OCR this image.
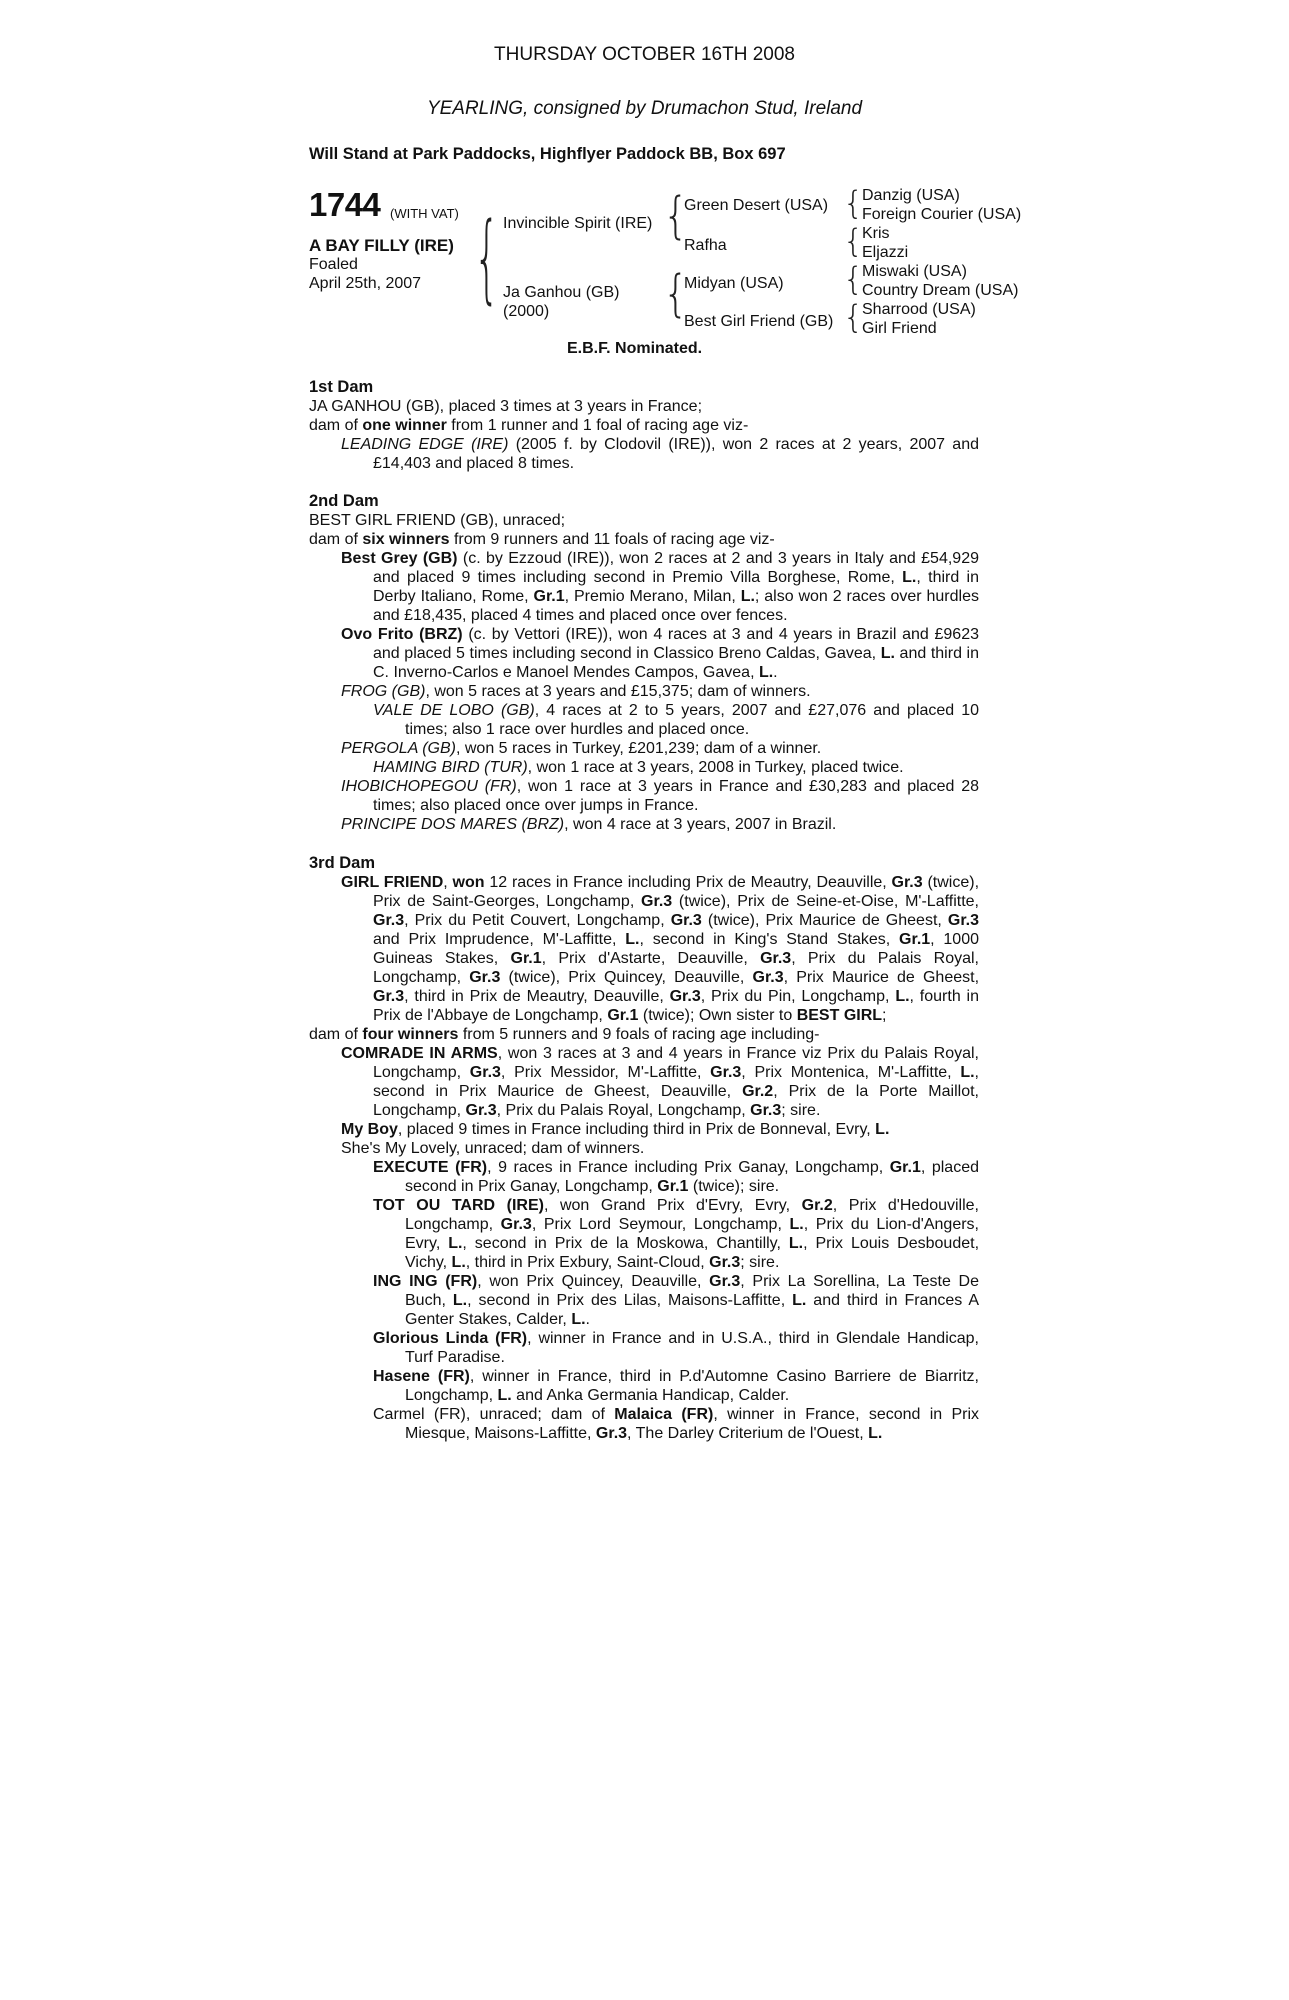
THURSDAY OCTOBER 16TH 2008
YEARLING, consigned by Drumachon Stud, Ireland
Will Stand at Park Paddocks, Highflyer Paddock BB, Box 697
1744 (WITH VAT)
A BAY FILLY (IRE)
Foaled
April 25th, 2007 { Invincible Spirit (IRE)
Ja Ganhou (GB)
(2000)
{
{
Green Desert (USA)
Rafha
Midyan (USA)
Best Girl Friend (GB)
{
{
{
{
Danzig (USA)
Foreign Courier (USA)
Kris
Eljazzi
Miswaki (USA)
Country Dream (USA)
Sharrood (USA)
Girl Friend
E.B.F. Nominated.

1st Dam

JA GANHOU (GB), placed 3 times at 3 years in France;

dam of one winner from 1 runner and 1 foal of racing age viz-

LEADING EDGE (IRE) (2005 f. by Clodovil (IRE)), won 2 races at 2 years, 2007 and £14,403 and placed 8 times.

2nd Dam

BEST GIRL FRIEND (GB), unraced;

dam of six winners from 9 runners and 11 foals of racing age viz-

Best Grey (GB) (c. by Ezzoud (IRE)), won 2 races at 2 and 3 years in Italy and £54,929 and placed 9 times including second in Premio Villa Borghese, Rome, L., third in Derby Italiano, Rome, Gr.1, Premio Merano, Milan, L.; also won 2 races over hurdles and £18,435, placed 4 times and placed once over fences.

Ovo Frito (BRZ) (c. by Vettori (IRE)), won 4 races at 3 and 4 years in Brazil and £9623 and placed 5 times including second in Classico Breno Caldas, Gavea, L. and third in C. Inverno-Carlos e Manoel Mendes Campos, Gavea, L..

FROG (GB), won 5 races at 3 years and £15,375; dam of winners.

VALE DE LOBO (GB), 4 races at 2 to 5 years, 2007 and £27,076 and placed 10 times; also 1 race over hurdles and placed once.

PERGOLA (GB), won 5 races in Turkey, £201,239; dam of a winner.

HAMING BIRD (TUR), won 1 race at 3 years, 2008 in Turkey, placed twice.

IHOBICHOPEGOU (FR), won 1 race at 3 years in France and £30,283 and placed 28 times; also placed once over jumps in France.

PRINCIPE DOS MARES (BRZ), won 4 race at 3 years, 2007 in Brazil.

3rd Dam

GIRL FRIEND, won 12 races in France including Prix de Meautry, Deauville, Gr.3 (twice), Prix de Saint-Georges, Longchamp, Gr.3 (twice), Prix de Seine-et-Oise, M'-Laffitte, Gr.3, Prix du Petit Couvert, Longchamp, Gr.3 (twice), Prix Maurice de Gheest, Gr.3 and Prix Imprudence, M'-Laffitte, L., second in King's Stand Stakes, Gr.1, 1000 Guineas Stakes, Gr.1, Prix d'Astarte, Deauville, Gr.3, Prix du Palais Royal, Longchamp, Gr.3 (twice), Prix Quincey, Deauville, Gr.3, Prix Maurice de Gheest, Gr.3, third in Prix de Meautry, Deauville, Gr.3, Prix du Pin, Longchamp, L., fourth in Prix de l'Abbaye de Longchamp, Gr.1 (twice); Own sister to BEST GIRL;

dam of four winners from 5 runners and 9 foals of racing age including-

COMRADE IN ARMS, won 3 races at 3 and 4 years in France viz Prix du Palais Royal, Longchamp, Gr.3, Prix Messidor, M'-Laffitte, Gr.3, Prix Montenica, M'-Laffitte, L., second in Prix Maurice de Gheest, Deauville, Gr.2, Prix de la Porte Maillot, Longchamp, Gr.3, Prix du Palais Royal, Longchamp, Gr.3; sire.

My Boy, placed 9 times in France including third in Prix de Bonneval, Evry, L.

She's My Lovely, unraced; dam of winners.

EXECUTE (FR), 9 races in France including Prix Ganay, Longchamp, Gr.1, placed second in Prix Ganay, Longchamp, Gr.1 (twice); sire.

TOT OU TARD (IRE), won Grand Prix d'Evry, Evry, Gr.2, Prix d'Hedouville, Longchamp, Gr.3, Prix Lord Seymour, Longchamp, L., Prix du Lion-d'Angers, Evry, L., second in Prix de la Moskowa, Chantilly, L., Prix Louis Desboudet, Vichy, L., third in Prix Exbury, Saint-Cloud, Gr.3; sire.

ING ING (FR), won Prix Quincey, Deauville, Gr.3, Prix La Sorellina, La Teste De Buch, L., second in Prix des Lilas, Maisons-Laffitte, L. and third in Frances A Genter Stakes, Calder, L..

Glorious Linda (FR), winner in France and in U.S.A., third in Glendale Handicap, Turf Paradise.

Hasene (FR), winner in France, third in P.d'Automne Casino Barriere de Biarritz, Longchamp, L. and Anka Germania Handicap, Calder.

Carmel (FR), unraced; dam of Malaica (FR), winner in France, second in Prix Miesque, Maisons-Laffitte, Gr.3, The Darley Criterium de l'Ouest, L.
